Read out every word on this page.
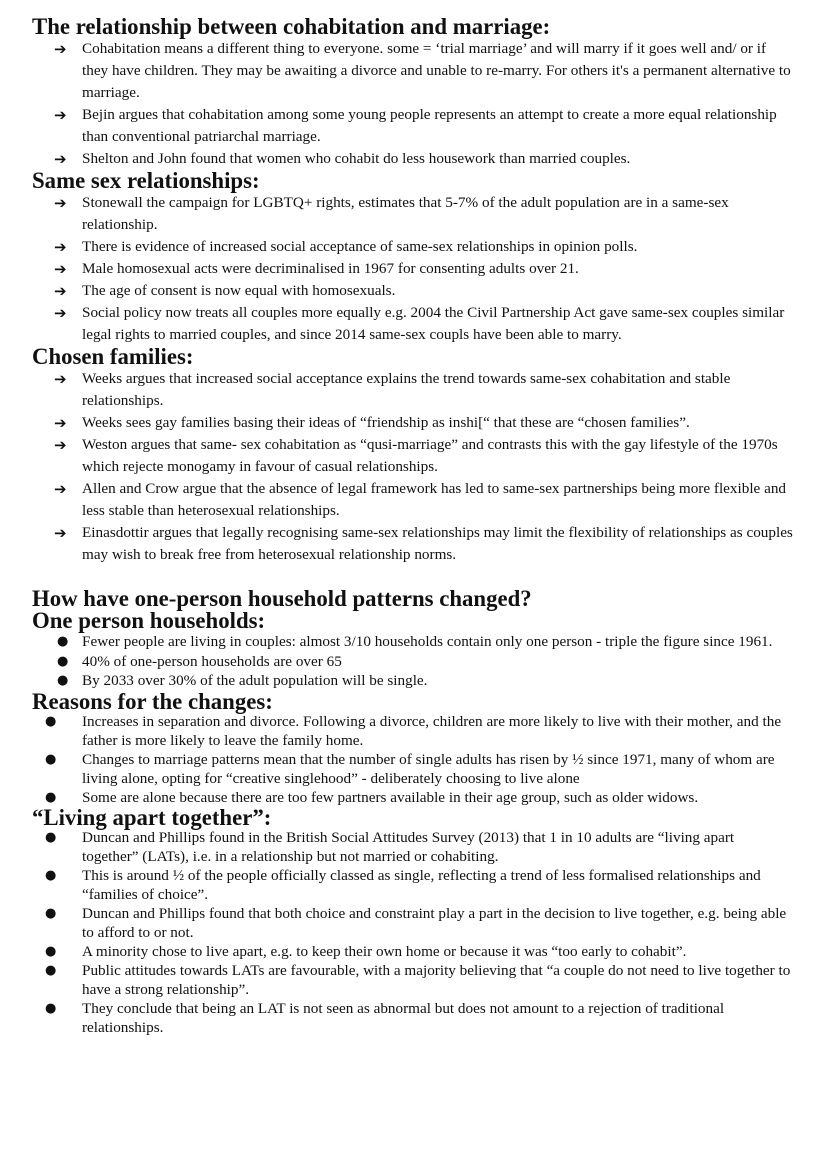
The relationship between cohabitation and marriage:
➔ Cohabitation means a different thing to everyone. some = ‘trial marriage’ and will marry if it goes well and/ or if they have children. They may be awaiting a divorce and unable to re-marry. For others it's a permanent alternative to marriage.
➔ Bejin argues that cohabitation among some young people represents an attempt to create a more equal relationship than conventional patriarchal marriage.
➔ Shelton and John found that women who cohabit do less housework than married couples.
Same sex relationships:
➔ Stonewall the campaign for LGBTQ+ rights, estimates that 5-7% of the adult population are in a same-sex relationship.
➔ There is evidence of increased social acceptance of same-sex relationships in opinion polls.
➔ Male homosexual acts were decriminalised in 1967 for consenting adults over 21.
➔ The age of consent is now equal with homosexuals.
➔ Social policy now treats all couples more equally e.g. 2004 the Civil Partnership Act gave same-sex couples similar legal rights to married couples, and since 2014 same-sex coupls have been able to marry.
Chosen families:
➔ Weeks argues that increased social acceptance explains the trend towards same-sex cohabitation and stable relationships.
➔ Weeks sees gay families basing their ideas of “friendship as inshi[“ that these are “chosen families”.
➔ Weston argues that same- sex cohabitation as “qusi-marriage” and contrasts this with the gay lifestyle of the 1970s which rejecte monogamy in favour of casual relationships.
➔ Allen and Crow argue that the absence of legal framework has led to same-sex partnerships being more flexible and less stable than heterosexual relationships.
➔ Einasdottir argues that legally recognising same-sex relationships may limit the flexibility of relationships as couples may wish to break free from heterosexual relationship norms.
How have one-person household patterns changed?
One person households:
● Fewer people are living in couples: almost 3/10 households contain only one person - triple the figure since 1961.
● 40% of one-person households are over 65
● By 2033 over 30% of the adult population will be single.
Reasons for the changes:
● Increases in separation and divorce. Following a divorce, children are more likely to live with their mother, and the father is more likely to leave the family home.
● Changes to marriage patterns mean that the number of single adults has risen by ½ since 1971, many of whom are living alone, opting for “creative singlehood” - deliberately choosing to live alone
● Some are alone because there are too few partners available in their age group, such as older widows.
“Living apart together”:
● Duncan and Phillips found in the British Social Attitudes Survey (2013) that 1 in 10 adults are “living apart together” (LATs), i.e. in a relationship but not married or cohabiting.
● This is around ½ of the people officially classed as single, reflecting a trend of less formalised relationships and “families of choice”.
● Duncan and Phillips found that both choice and constraint play a part in the decision to live together, e.g. being able to afford to or not.
● A minority chose to live apart, e.g. to keep their own home or because it was “too early to cohabit”.
● Public attitudes towards LATs are favourable, with a majority believing that “a couple do not need to live together to have a strong relationship”.
● They conclude that being an LAT is not seen as abnormal but does not amount to a rejection of traditional relationships.
